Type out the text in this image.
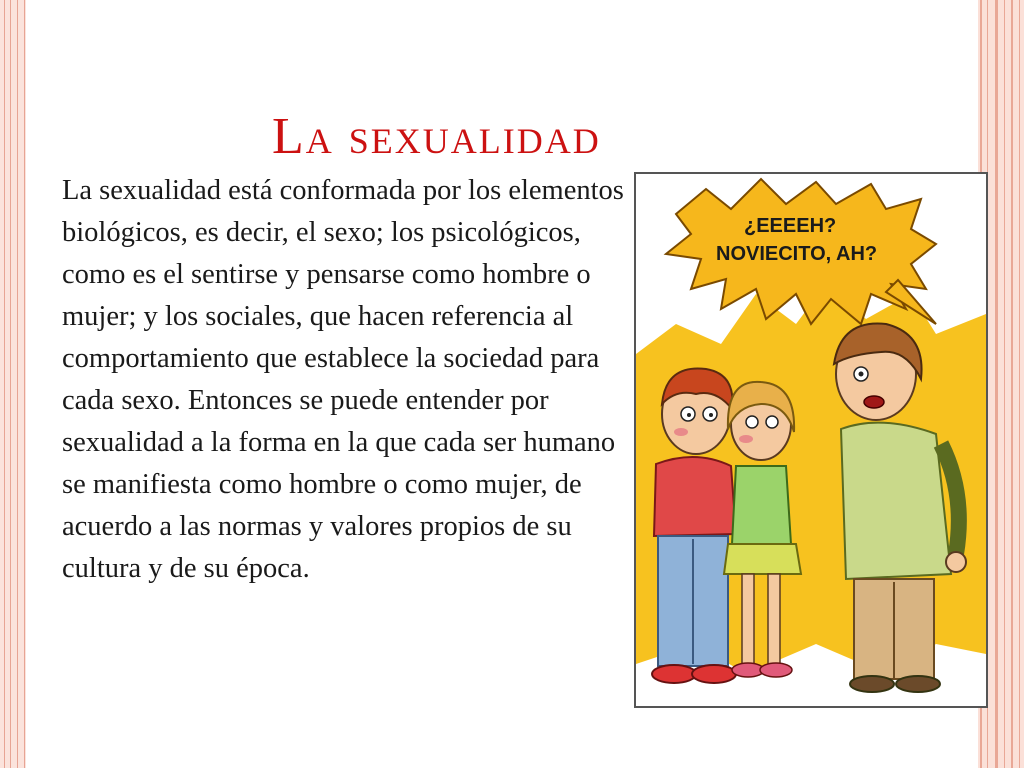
La sexualidad
La sexualidad está conformada por los elementos biológicos, es decir, el sexo; los psicológicos, como es el sentirse y pensarse como hombre o mujer; y los sociales, que hacen referencia al comportamiento que establece la sociedad para cada sexo. Entonces se puede entender por sexualidad a la forma en la que cada ser humano se manifiesta como hombre o como mujer, de acuerdo a las normas y valores propios de su cultura y de su época.
¿EEEEH?
NOVIECITO, AH?
